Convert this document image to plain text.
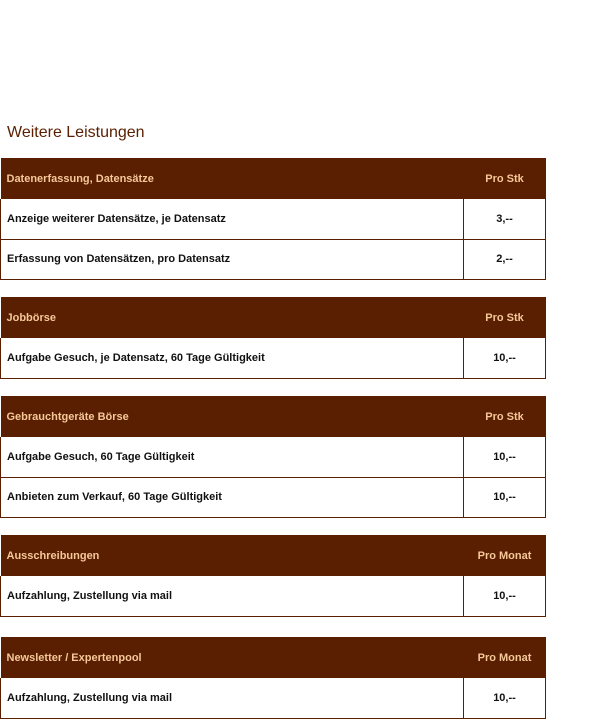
Weitere Leistungen
Datenerfassung, Datensätze	Pro Stk
Anzeige weiterer Datensätze, je Datensatz	3,--
Erfassung von Datensätzen, pro Datensatz	2,--
Jobbörse	Pro Stk
Aufgabe Gesuch, je Datensatz, 60 Tage Gültigkeit	10,--
Gebrauchtgeräte Börse	Pro Stk
Aufgabe Gesuch, 60 Tage Gültigkeit	10,--
Anbieten zum Verkauf, 60 Tage Gültigkeit	10,--
Ausschreibungen	Pro Monat
Aufzahlung, Zustellung via mail	10,--
Newsletter / Expertenpool	Pro Monat
Aufzahlung, Zustellung via mail	10,--
